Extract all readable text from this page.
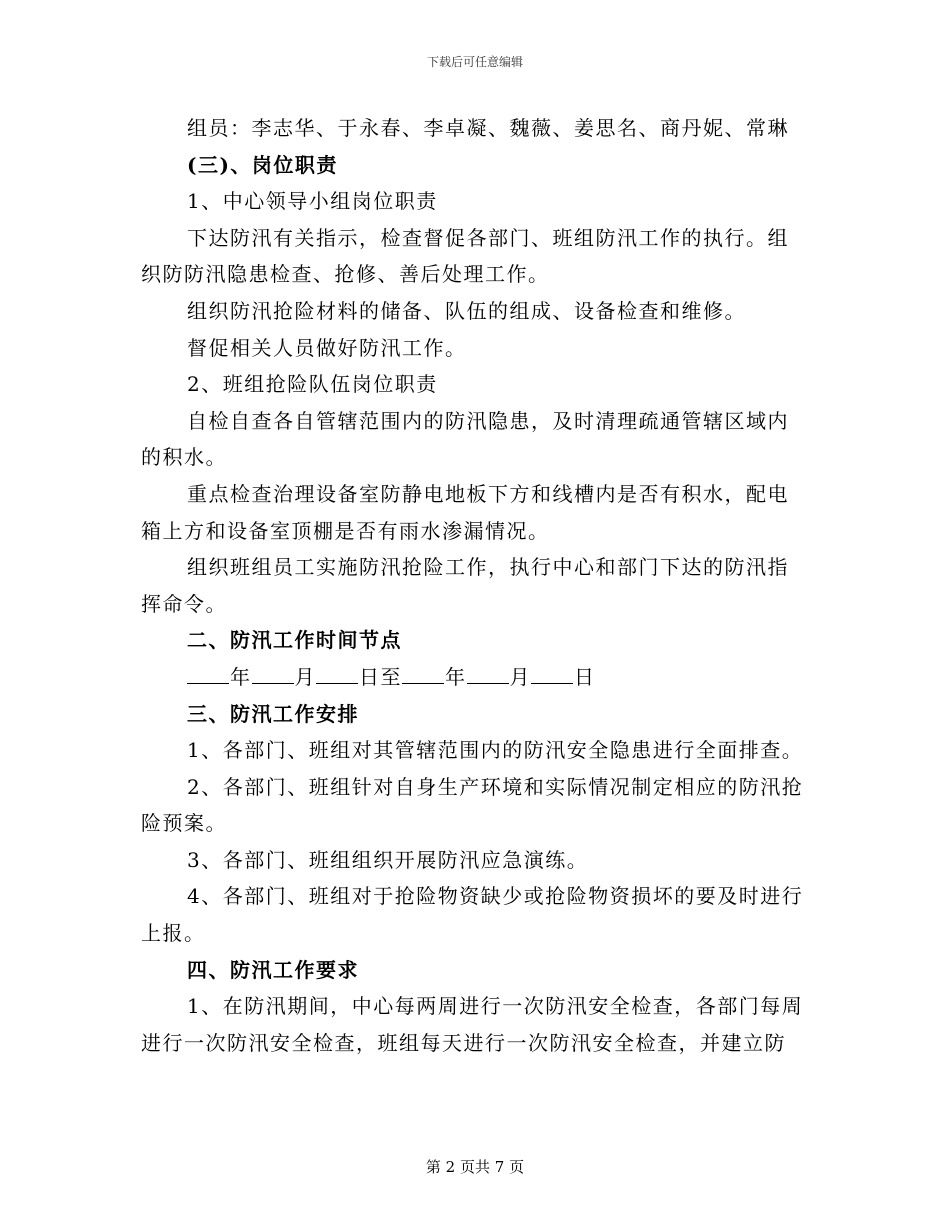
下载后可任意编辑

组员：李志华、于永春、李卓凝、魏薇、姜思名、商丹妮、常琳

(三)、岗位职责

1、中心领导小组岗位职责

下达防汛有关指示，检查督促各部门、班组防汛工作的执行。组

织防防汛隐患检查、抢修、善后处理工作。

组织防汛抢险材料的储备、队伍的组成、设备检查和维修。

督促相关人员做好防汛工作。

2、班组抢险队伍岗位职责

自检自查各自管辖范围内的防汛隐患，及时清理疏通管辖区域内

的积水。

重点检查治理设备室防静电地板下方和线槽内是否有积水，配电

箱上方和设备室顶棚是否有雨水渗漏情况。

组织班组员工实施防汛抢险工作，执行中心和部门下达的防汛指

挥命令。

二、防汛工作时间节点

年 月 日至 年 月 日

三、防汛工作安排

1、各部门、班组对其管辖范围内的防汛安全隐患进行全面排查。

2、各部门、班组针对自身生产环境和实际情况制定相应的防汛抢

险预案。

3、各部门、班组组织开展防汛应急演练。

4、各部门、班组对于抢险物资缺少或抢险物资损坏的要及时进行

上报。

四、防汛工作要求

1、在防汛期间，中心每两周进行一次防汛安全检查，各部门每周

进行一次防汛安全检查，班组每天进行一次防汛安全检查，并建立防

第 2 页共 7 页
